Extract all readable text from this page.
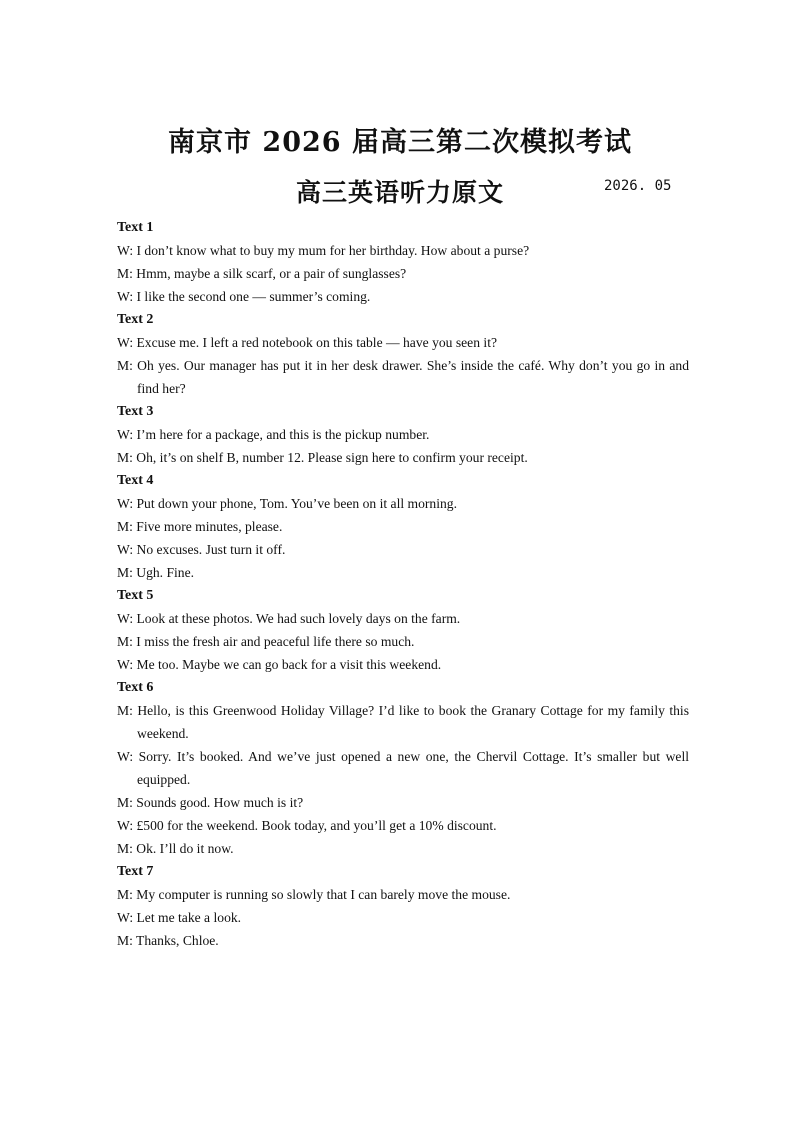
南京市 2026 届高三第二次模拟考试
高三英语听力原文	2026. 05
Text 1
W: I don’t know what to buy my mum for her birthday. How about a purse?
M: Hmm, maybe a silk scarf, or a pair of sunglasses?
W: I like the second one — summer’s coming.
Text 2
W: Excuse me. I left a red notebook on this table — have you seen it?
M: Oh yes. Our manager has put it in her desk drawer. She’s inside the café. Why don’t you go in and find her?
Text 3
W: I’m here for a package, and this is the pickup number.
M: Oh, it’s on shelf B, number 12. Please sign here to confirm your receipt.
Text 4
W: Put down your phone, Tom. You’ve been on it all morning.
M: Five more minutes, please.
W: No excuses. Just turn it off.
M: Ugh. Fine.
Text 5
W: Look at these photos. We had such lovely days on the farm.
M: I miss the fresh air and peaceful life there so much.
W: Me too. Maybe we can go back for a visit this weekend.
Text 6
M: Hello, is this Greenwood Holiday Village? I’d like to book the Granary Cottage for my family this weekend.
W: Sorry. It’s booked. And we’ve just opened a new one, the Chervil Cottage. It’s smaller but well equipped.
M: Sounds good. How much is it?
W: £500 for the weekend. Book today, and you’ll get a 10% discount.
M: Ok. I’ll do it now.
Text 7
M: My computer is running so slowly that I can barely move the mouse.
W: Let me take a look.
M: Thanks, Chloe.
